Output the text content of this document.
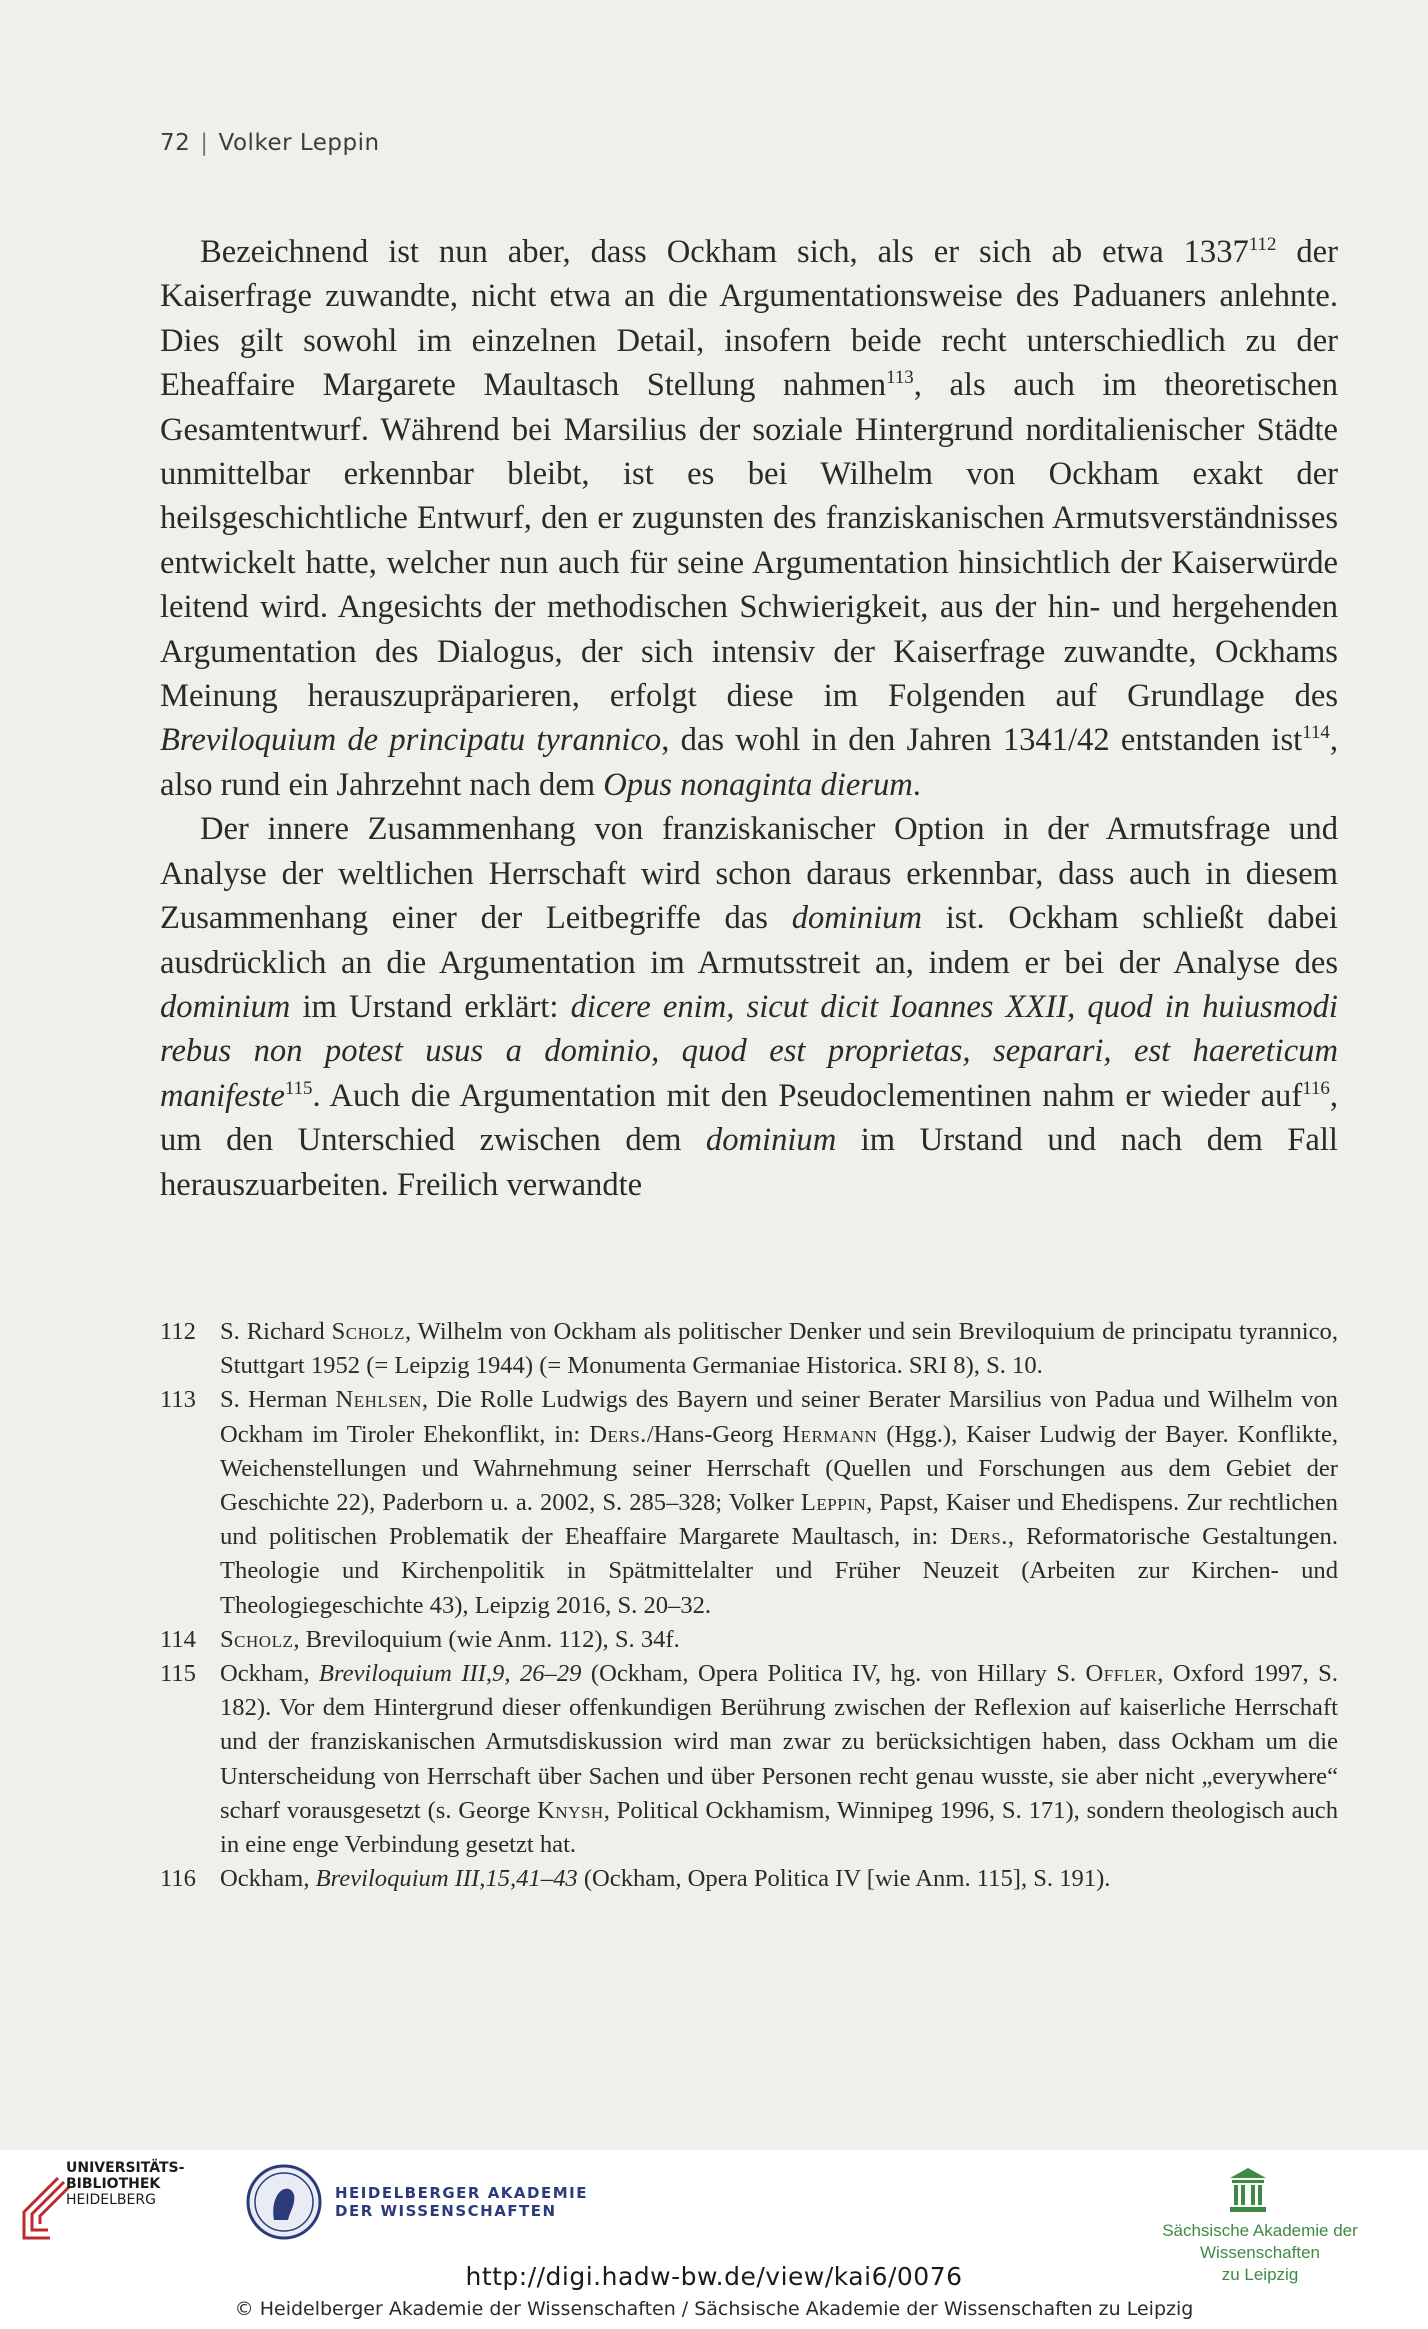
72 | Volker Leppin

Bezeichnend ist nun aber, dass Ockham sich, als er sich ab etwa 1337$^{112}$ der Kaiserfrage zuwandte, nicht etwa an die Argumentationsweise des Paduaners anlehnte. Dies gilt sowohl im einzelnen Detail, insofern beide recht unterschiedlich zu der Eheaffaire Margarete Maultasch Stellung nahmen$^{113}$, als auch im theoretischen Gesamtentwurf. Während bei Marsilius der soziale Hintergrund norditalienischer Städte unmittelbar erkennbar bleibt, ist es bei Wilhelm von Ockham exakt der heilsgeschichtliche Entwurf, den er zugunsten des franziskanischen Armutsverständnisses entwickelt hatte, welcher nun auch für seine Argumentation hinsichtlich der Kaiserwürde leitend wird. Angesichts der methodischen Schwierigkeit, aus der hin- und hergehenden Argumentation des Dialogus, der sich intensiv der Kaiserfrage zuwandte, Ockhams Meinung herauszupräparieren, erfolgt diese im Folgenden auf Grundlage des Breviloquium de principatu tyrannico, das wohl in den Jahren 1341/42 entstanden ist$^{114}$, also rund ein Jahrzehnt nach dem Opus nonaginta dierum.

Der innere Zusammenhang von franziskanischer Option in der Armutsfrage und Analyse der weltlichen Herrschaft wird schon daraus erkennbar, dass auch in diesem Zusammenhang einer der Leitbegriffe das dominium ist. Ockham schließt dabei ausdrücklich an die Argumentation im Armutsstreit an, indem er bei der Analyse des dominium im Urstand erklärt: dicere enim, sicut dicit Ioannes XXII, quod in huiusmodi rebus non potest usus a dominio, quod est proprietas, separari, est haereticum manifeste$^{115}$. Auch die Argumentation mit den Pseudoclementinen nahm er wieder auf$^{116}$, um den Unterschied zwischen dem dominium im Urstand und nach dem Fall herauszuarbeiten. Freilich verwandte

112 S. Richard Scholz, Wilhelm von Ockham als politischer Denker und sein Breviloquium de principatu tyrannico, Stuttgart 1952 (= Leipzig 1944) (= Monumenta Germaniae Historica. SRI 8), S. 10.
113 S. Herman Nehlsen, Die Rolle Ludwigs des Bayern und seiner Berater Marsilius von Padua und Wilhelm von Ockham im Tiroler Ehekonflikt, in: Ders./Hans-Georg Hermann (Hgg.), Kaiser Ludwig der Bayer. Konflikte, Weichenstellungen und Wahrnehmung seiner Herrschaft (Quellen und Forschungen aus dem Gebiet der Geschichte 22), Paderborn u. a. 2002, S. 285–328; Volker Leppin, Papst, Kaiser und Ehedispens. Zur rechtlichen und politischen Problematik der Eheaffaire Margarete Maultasch, in: Ders., Reformatorische Gestaltungen. Theologie und Kirchenpolitik in Spätmittelalter und Früher Neuzeit (Arbeiten zur Kirchen- und Theologiegeschichte 43), Leipzig 2016, S. 20–32.
114 Scholz, Breviloquium (wie Anm. 112), S. 34f.
115 Ockham, Breviloquium III,9, 26–29 (Ockham, Opera Politica IV, hg. von Hillary S. Offler, Oxford 1997, S. 182). Vor dem Hintergrund dieser offenkundigen Berührung zwischen der Reflexion auf kaiserliche Herrschaft und der franziskanischen Armutsdiskussion wird man zwar zu berücksichtigen haben, dass Ockham um die Unterscheidung von Herrschaft über Sachen und über Personen recht genau wusste, sie aber nicht „everywhere“ scharf vorausgesetzt (s. George Knysh, Political Ockhamism, Winnipeg 1996, S. 171), sondern theologisch auch in eine enge Verbindung gesetzt hat.
116 Ockham, Breviloquium III,15,41–43 (Ockham, Opera Politica IV [wie Anm. 115], S. 191).
UNIVERSITÄTS-
BIBLIOTHEK
HEIDELBERG	HEIDELBERGER AKADEMIE
DER WISSENSCHAFTEN
Sächsische Akademie der Wissenschaften
zu Leipzig
http://digi.hadw-bw.de/view/kai6/0076
© Heidelberger Akademie der Wissenschaften / Sächsische Akademie der Wissenschaften zu Leipzig
